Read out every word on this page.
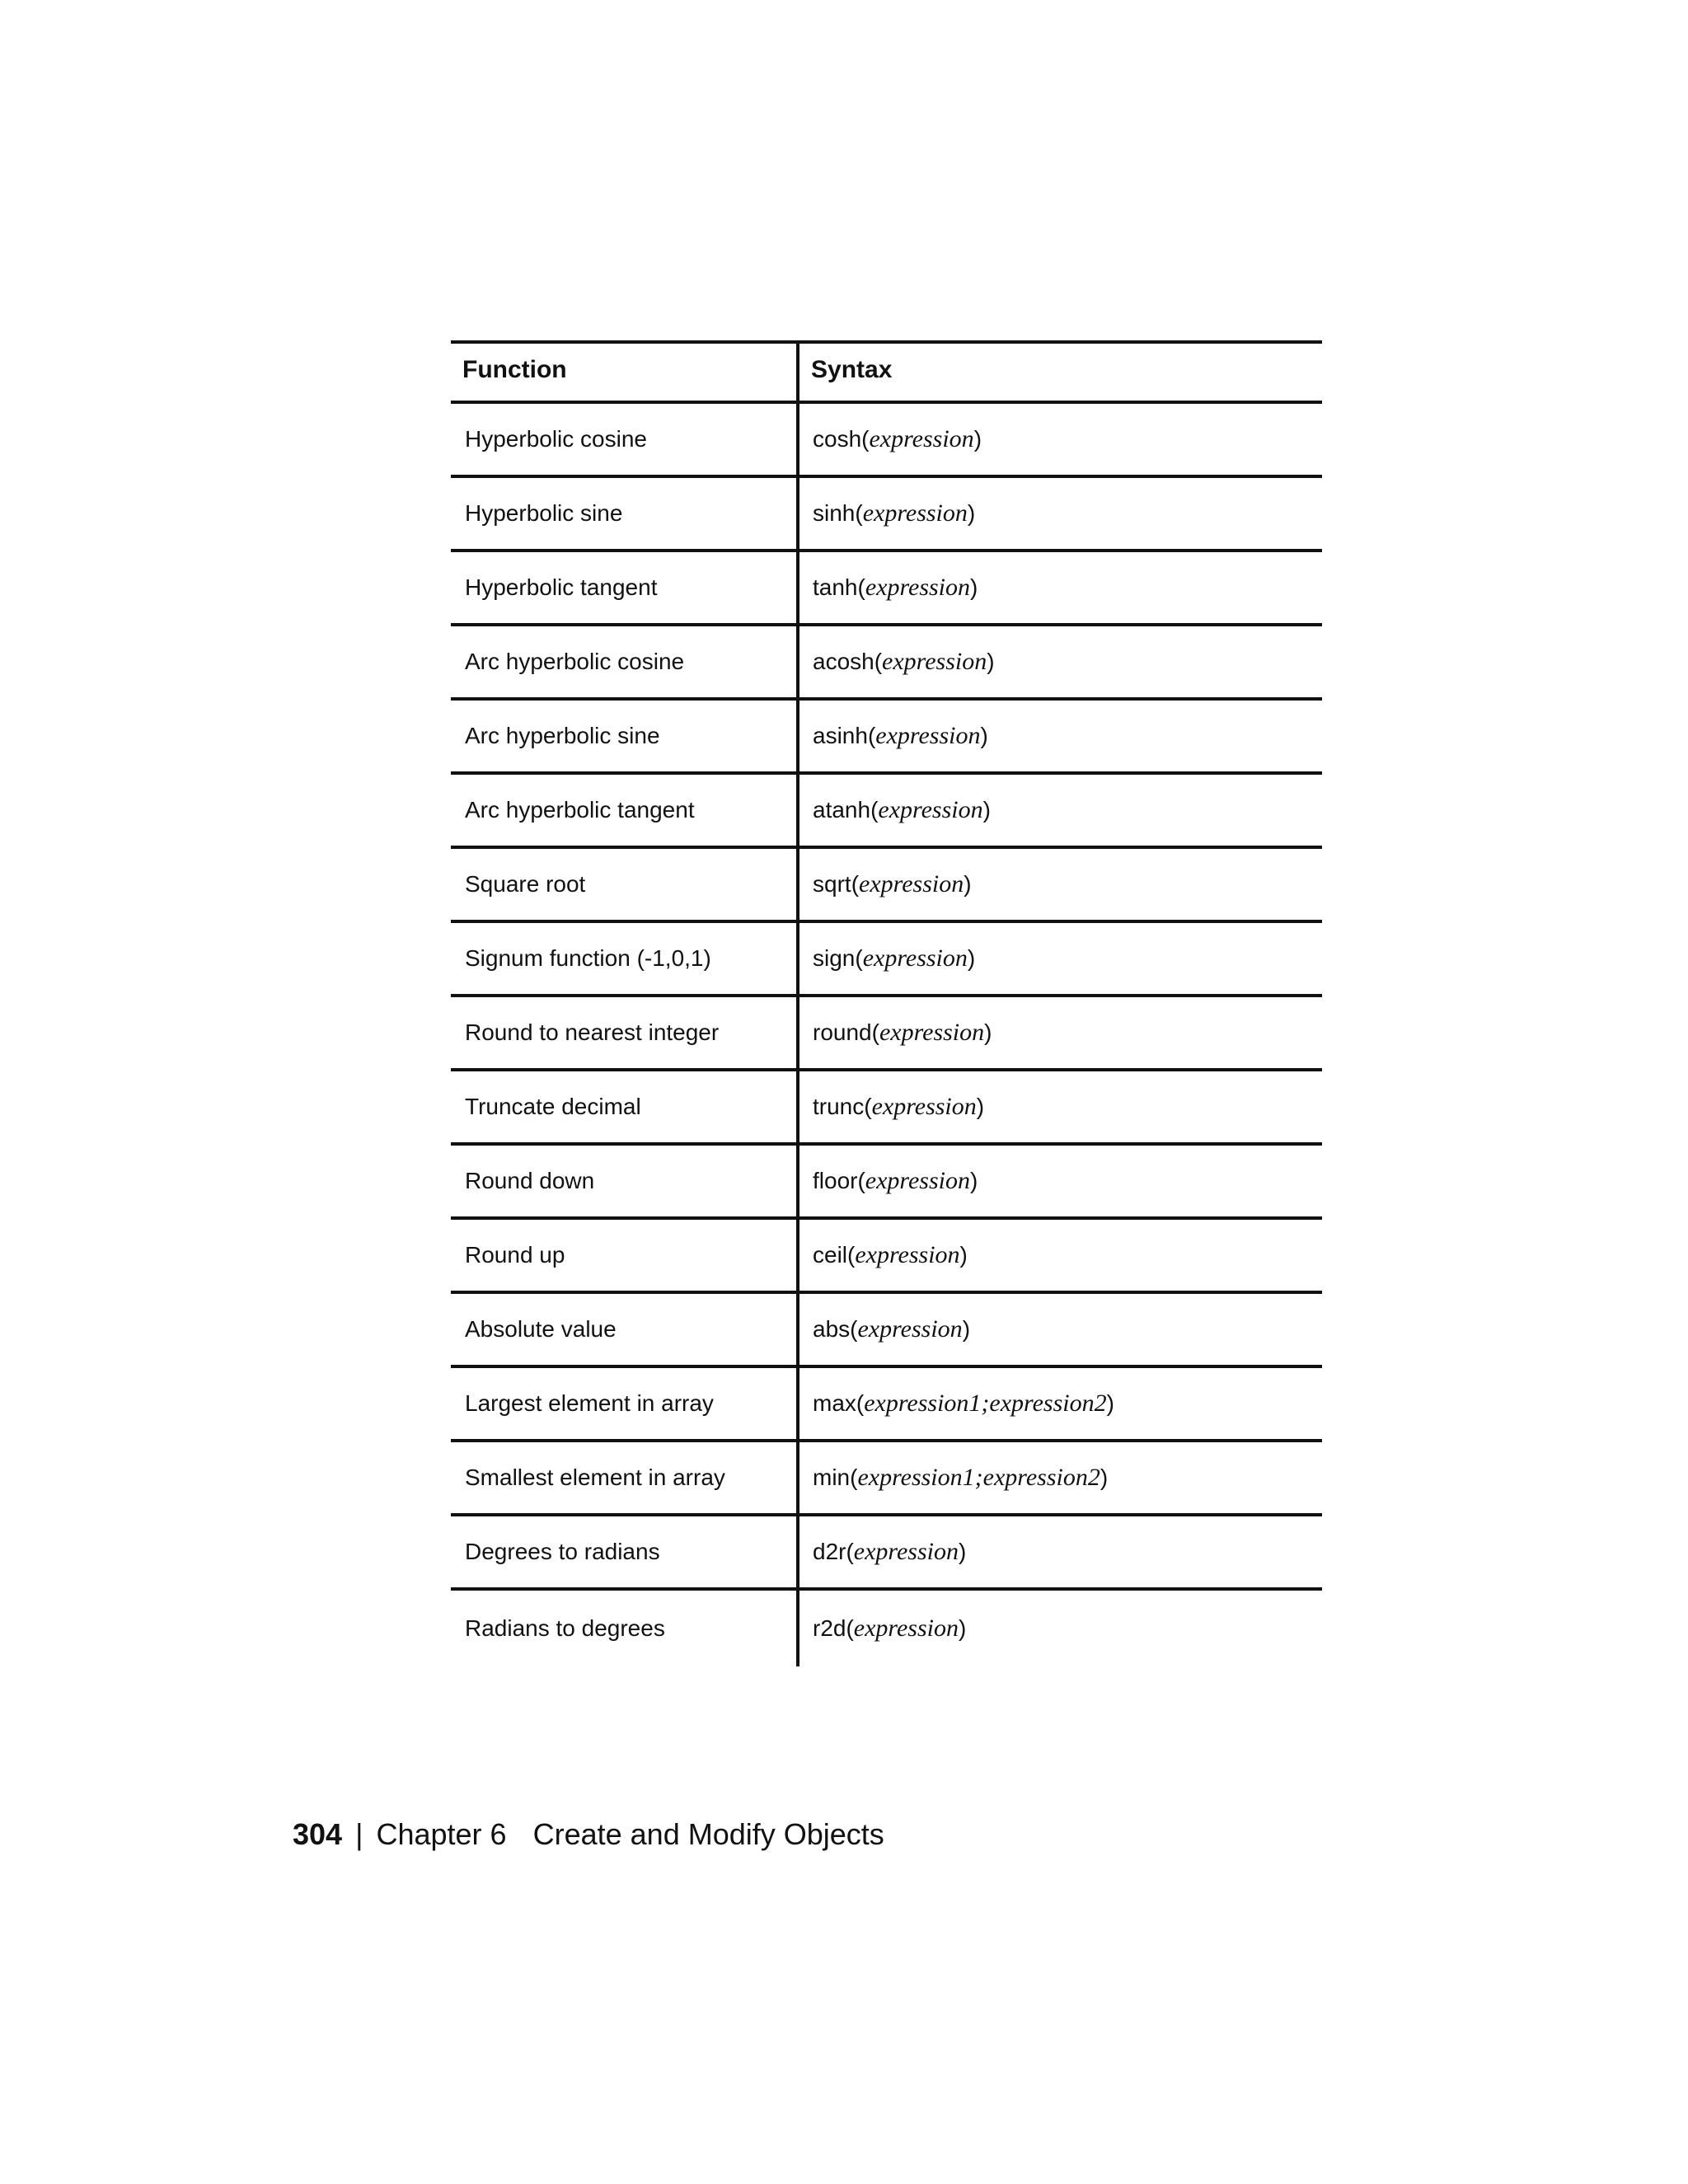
Function	Syntax
Hyperbolic cosine	cosh ( expression )
Hyperbolic sine	sinh ( expression )
Hyperbolic tangent	tanh ( expression )
Arc hyperbolic cosine	acosh ( expression )
Arc hyperbolic sine	asinh ( expression )
Arc hyperbolic tangent	atanh ( expression )
Square root	sqrt ( expression )
Signum function (-1,0,1)	sign ( expression )
Round to nearest integer	round ( expression )
Truncate decimal	trunc ( expression )
Round down	floor ( expression )
Round up	ceil ( expression )
Absolute value	abs ( expression )
Largest element in array	max ( expression1;expression2 )
Smallest element in array	min ( expression1;expression2 )
Degrees to radians	d2r ( expression )
Radians to degrees	r2d ( expression )
304 | Chapter 6 Create and Modify Objects
